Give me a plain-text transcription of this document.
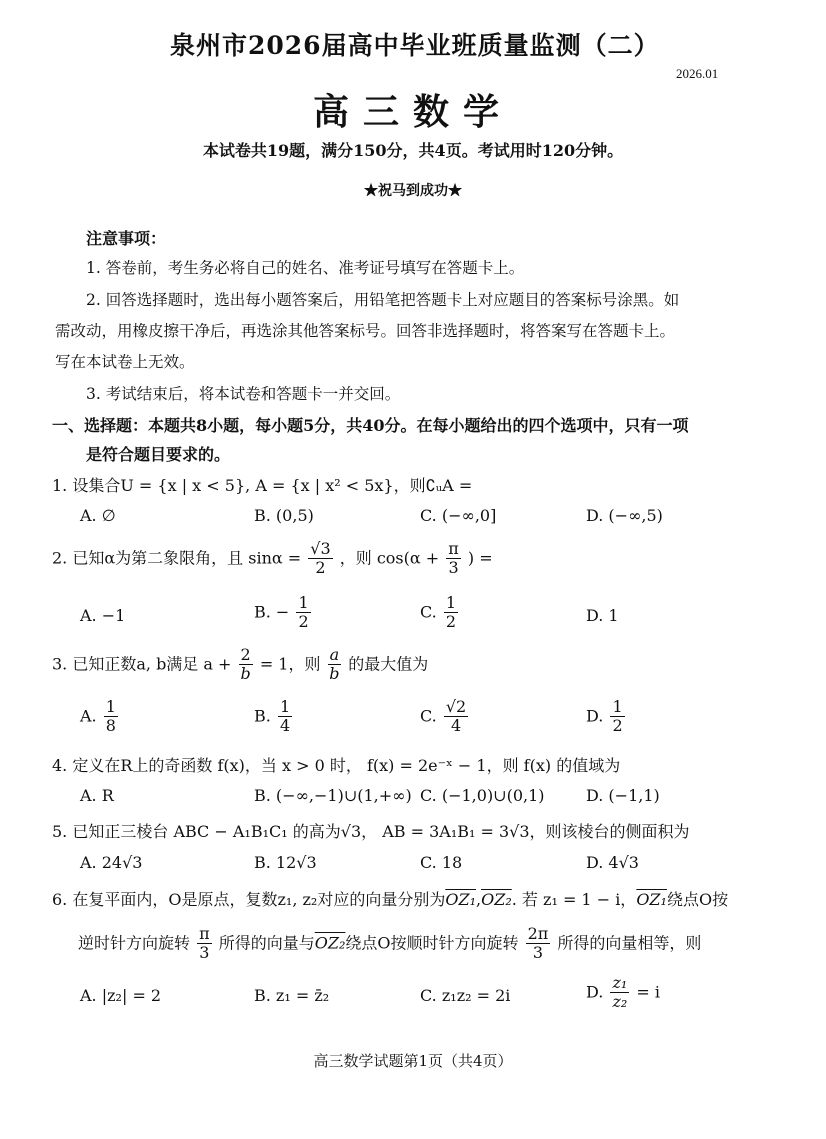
泉州市2026届高中毕业班质量监测（二）
2026.01
高三数学
本试卷共19题，满分150分，共4页。考试用时120分钟。
★祝马到成功★
注意事项：
1. 答卷前，考生务必将自己的姓名、准考证号填写在答题卡上。
2. 回答选择题时，选出每小题答案后，用铅笔把答题卡上对应题目的答案标号涂黑。如
需改动，用橡皮擦干净后，再选涂其他答案标号。回答非选择题时，将答案写在答题卡上。
写在本试卷上无效。
3. 考试结束后，将本试卷和答题卡一并交回。
一、选择题：本题共8小题，每小题5分，共40分。在每小题给出的四个选项中，只有一项
是符合题目要求的。
1. 设集合U = {x | x < 5}, A = {x | x² < 5x}，则∁ᵤA =
A. ∅	B. (0,5)	C. (−∞,0]	D. (−∞,5)
2. 已知α为第二象限角，且 $\sin\alpha = \frac{√3}{2}$ ，则 $\cos(\alpha + \frac{\pi}{3}$ ) =
A. −1	B. − $\frac{1}{2}$	C. $\frac{1}{2}$	D. 1
3. 已知正数a, b满足 $a + \frac{2}{b} = 1$，则 $\frac{a}{b}$ 的最大值为
A. $\frac{1}{8}$	B. $\frac{1}{4}$	C. $\frac{√2}{4}$	D. $\frac{1}{2}$
4. 定义在R上的奇函数 f(x)，当 x > 0 时， f(x) = 2e⁻ˣ − 1，则 f(x) 的值域为
A. R	B. (−∞,−1)∪(1,+∞) C. (−1,0)∪(0,1)	D. (−1,1)
5. 已知正三棱台 ABC − A₁B₁C₁ 的高为√3， AB = 3A₁B₁ = 3√3，则该棱台的侧面积为
A. 24√3	B. 12√3	C. 18	D. 4√3
6. 在复平面内，O是原点，复数z₁, z₂对应的向量分别为OZ₁,OZ₂. 若 z₁ = 1 − i，OZ₁绕点O按
逆时针方向旋转 $\frac{\pi}{3}$ 所得的向量与OZ₂绕点O按顺时针方向旋转 $\frac{2\pi}{3}$ 所得的向量相等，则
A. |z₂| = 2	B. z₁ = z̄₂	C. z₁z₂ = 2i	D. $\frac{\text{z₁}}{\text{z₂}} = i$
高三数学试题第1页（共4页）
